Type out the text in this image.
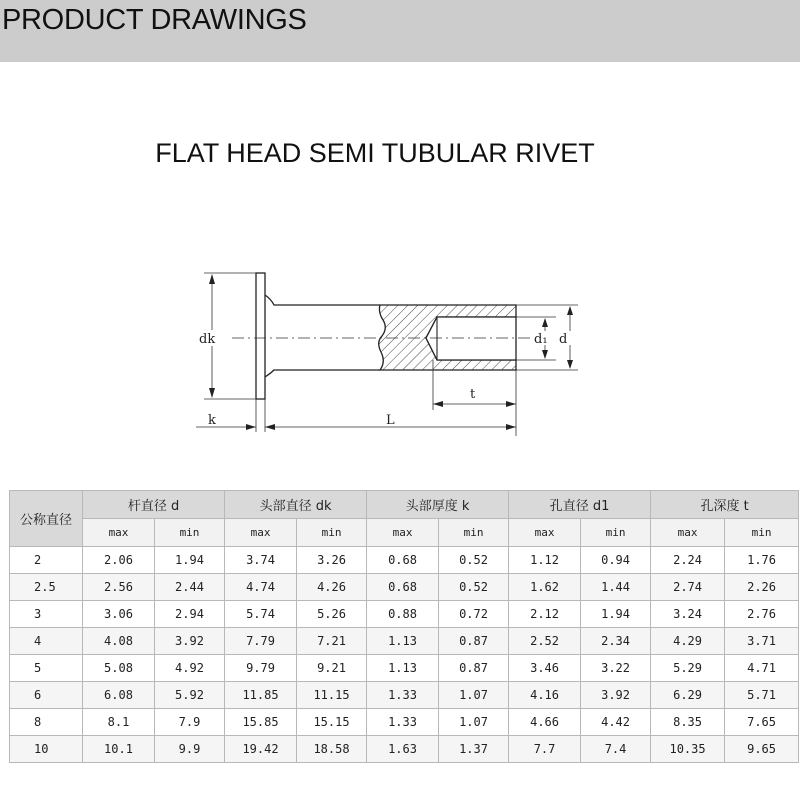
PRODUCT DRAWINGS
FLAT HEAD SEMI TUBULAR RIVET
dk
k	L
t
d₁ d
公称直径	杆直径 d		头部直径 dk		头部厚度 k		孔直径 d1		孔深度 t	
	max	min	max	min	max	min	max	min	max	min
2	2.06	1.94	3.74	3.26	0.68	0.52	1.12	0.94	2.24	1.76
2.5	2.56	2.44	4.74	4.26	0.68	0.52	1.62	1.44	2.74	2.26
3	3.06	2.94	5.74	5.26	0.88	0.72	2.12	1.94	3.24	2.76
4	4.08	3.92	7.79	7.21	1.13	0.87	2.52	2.34	4.29	3.71
5	5.08	4.92	9.79	9.21	1.13	0.87	3.46	3.22	5.29	4.71
6	6.08	5.92	11.85	11.15	1.33	1.07	4.16	3.92	6.29	5.71
8	8.1	7.9	15.85	15.15	1.33	1.07	4.66	4.42	8.35	7.65
10	10.1	9.9	19.42	18.58	1.63	1.37	7.7	7.4	10.35	9.65
